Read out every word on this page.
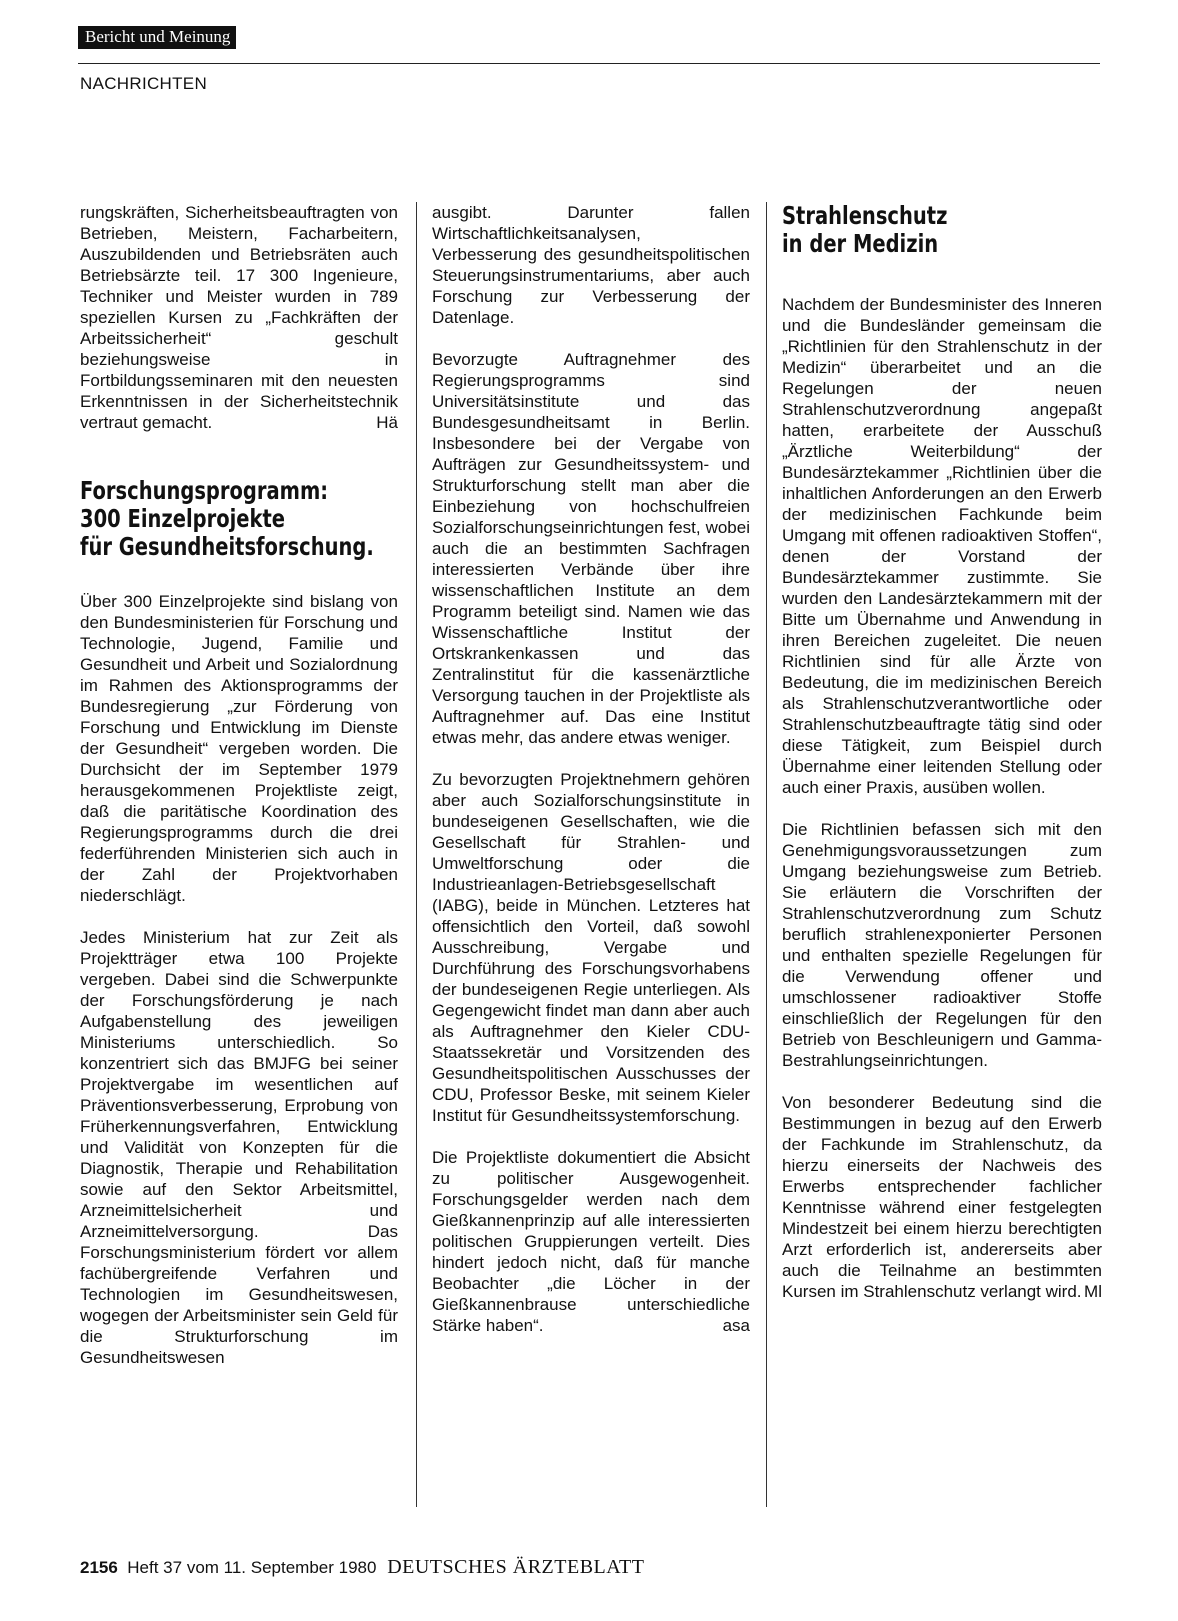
Bericht und Meinung
NACHRICHTEN

rungskräften, Sicherheitsbeauftragten von Betrieben, Meistern, Facharbeitern, Auszubildenden und Betriebsräten auch Betriebsärzte teil. 17 300 Ingenieure, Techniker und Meister wurden in 789 speziellen Kursen zu „Fachkräften der Arbeitssicherheit“ geschult beziehungsweise in Fortbildungsseminaren mit den neuesten Erkenntnissen in der Sicherheitstechnik vertraut gemacht.	Hä

Forschungsprogramm:
300 Einzelprojekte
für Gesundheitsforschung.

Über 300 Einzelprojekte sind bislang von den Bundesministerien für Forschung und Technologie, Jugend, Familie und Gesundheit und Arbeit und Sozialordnung im Rahmen des Aktionsprogramms der Bundesregierung „zur Förderung von Forschung und Entwicklung im Dienste der Gesundheit“ vergeben worden. Die Durchsicht der im September 1979 herausgekommenen Projektliste zeigt, daß die paritätische Koordination des Regierungsprogramms durch die drei federführenden Ministerien sich auch in der Zahl der Projektvorhaben niederschlägt.

Jedes Ministerium hat zur Zeit als Projektträger etwa 100 Projekte vergeben. Dabei sind die Schwerpunkte der Forschungsförderung je nach Aufgabenstellung des jeweiligen Ministeriums unterschiedlich. So konzentriert sich das BMJFG bei seiner Projektvergabe im wesentlichen auf Präventionsverbesserung, Erprobung von Früherkennungsverfahren, Entwicklung und Validität von Konzepten für die Diagnostik, Therapie und Rehabilitation sowie auf den Sektor Arbeitsmittel, Arzneimittelsicherheit und Arzneimittelversorgung. Das Forschungsministerium fördert vor allem fachübergreifende Verfahren und Technologien im Gesundheitswesen, wogegen der Arbeitsminister sein Geld für die Strukturforschung im Gesundheitswesen

ausgibt. Darunter fallen Wirtschaftlichkeitsanalysen, Verbesserung des gesundheitspolitischen Steuerungsinstrumentariums, aber auch Forschung zur Verbesserung der Datenlage.

Bevorzugte Auftragnehmer des Regierungsprogramms sind Universitätsinstitute und das Bundesgesundheitsamt in Berlin. Insbesondere bei der Vergabe von Aufträgen zur Gesundheitssystem- und Strukturforschung stellt man aber die Einbeziehung von hochschulfreien Sozialforschungseinrichtungen fest, wobei auch die an bestimmten Sachfragen interessierten Verbände über ihre wissenschaftlichen Institute an dem Programm beteiligt sind. Namen wie das Wissenschaftliche Institut der Ortskrankenkassen und das Zentralinstitut für die kassenärztliche Versorgung tauchen in der Projektliste als Auftragnehmer auf. Das eine Institut etwas mehr, das andere etwas weniger.

Zu bevorzugten Projektnehmern gehören aber auch Sozialforschungsinstitute in bundeseigenen Gesellschaften, wie die Gesellschaft für Strahlen- und Umweltforschung oder die Industrieanlagen-Betriebsgesellschaft (IABG), beide in München. Letzteres hat offensichtlich den Vorteil, daß sowohl Ausschreibung, Vergabe und Durchführung des Forschungsvorhabens der bundeseigenen Regie unterliegen. Als Gegengewicht findet man dann aber auch als Auftragnehmer den Kieler CDU-Staatssekretär und Vorsitzenden des Gesundheitspolitischen Ausschusses der CDU, Professor Beske, mit seinem Kieler Institut für Gesundheitssystemforschung.

Die Projektliste dokumentiert die Absicht zu politischer Ausgewogenheit. Forschungsgelder werden nach dem Gießkannenprinzip auf alle interessierten politischen Gruppierungen verteilt. Dies hindert jedoch nicht, daß für manche Beobachter „die Löcher in der Gießkannenbrause unterschiedliche Stärke haben“.	asa

Strahlenschutz
in der Medizin

Nachdem der Bundesminister des Inneren und die Bundesländer gemeinsam die „Richtlinien für den Strahlenschutz in der Medizin“ überarbeitet und an die Regelungen der neuen Strahlenschutzverordnung angepaßt hatten, erarbeitete der Ausschuß „Ärztliche Weiterbildung“ der Bundesärztekammer „Richtlinien über die inhaltlichen Anforderungen an den Erwerb der medizinischen Fachkunde beim Umgang mit offenen radioaktiven Stoffen“, denen der Vorstand der Bundesärztekammer zustimmte. Sie wurden den Landesärztekammern mit der Bitte um Übernahme und Anwendung in ihren Bereichen zugeleitet. Die neuen Richtlinien sind für alle Ärzte von Bedeutung, die im medizinischen Bereich als Strahlenschutzverantwortliche oder Strahlenschutzbeauftragte tätig sind oder diese Tätigkeit, zum Beispiel durch Übernahme einer leitenden Stellung oder auch einer Praxis, ausüben wollen.

Die Richtlinien befassen sich mit den Genehmigungsvoraussetzungen zum Umgang beziehungsweise zum Betrieb. Sie erläutern die Vorschriften der Strahlenschutzverordnung zum Schutz beruflich strahlenexponierter Personen und enthalten spezielle Regelungen für die Verwendung offener und umschlossener radioaktiver Stoffe einschließlich der Regelungen für den Betrieb von Beschleunigern und Gamma-Bestrahlungseinrichtungen.

Von besonderer Bedeutung sind die Bestimmungen in bezug auf den Erwerb der Fachkunde im Strahlenschutz, da hierzu einerseits der Nachweis des Erwerbs entsprechender fachlicher Kenntnisse während einer festgelegten Mindestzeit bei einem hierzu berechtigten Arzt erforderlich ist, andererseits aber auch die Teilnahme an bestimmten Kursen im Strahlenschutz verlangt wird. Ml

2156 Heft 37 vom 11. September 1980 DEUTSCHES ÄRZTEBLATT
